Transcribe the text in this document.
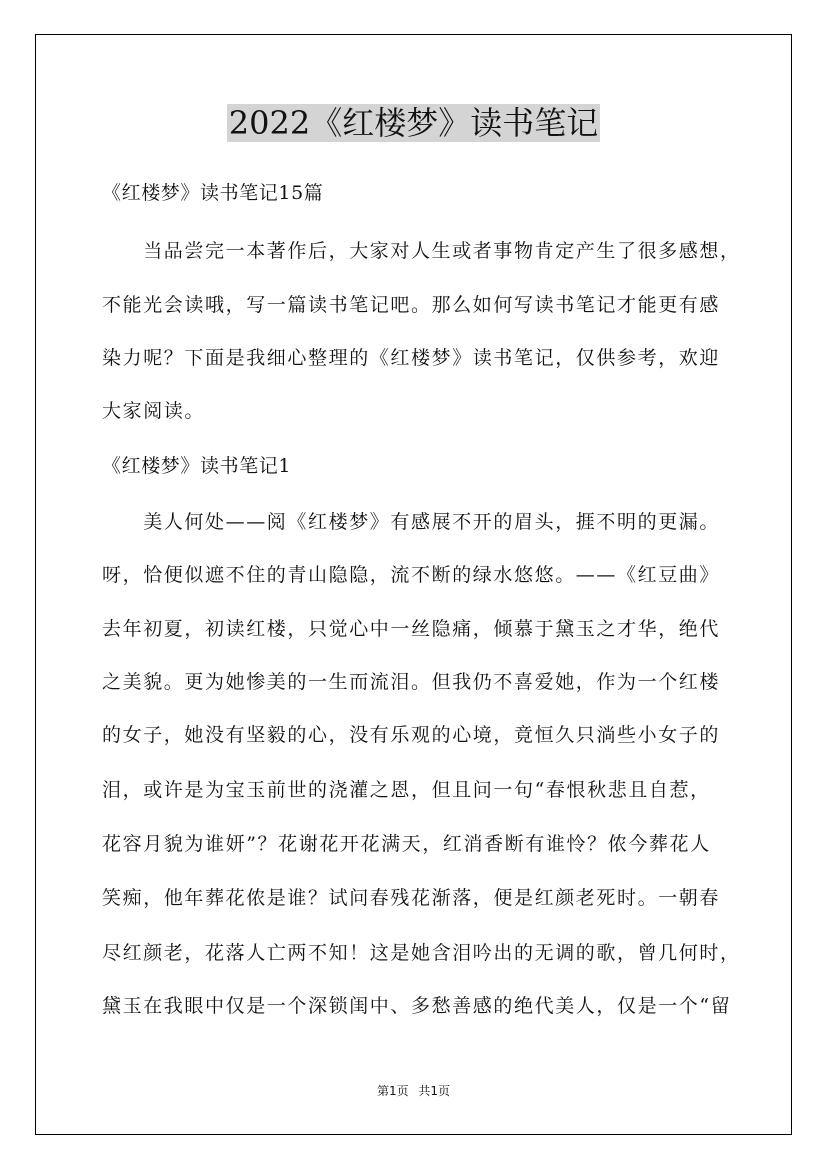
2022《红楼梦》读书笔记
《红楼梦》读书笔记15篇
　　当品尝完一本著作后，大家对人生或者事物肯定产生了很多感想，
不能光会读哦，写一篇读书笔记吧。那么如何写读书笔记才能更有感
染力呢？下面是我细心整理的《红楼梦》读书笔记，仅供参考，欢迎
大家阅读。
《红楼梦》读书笔记1
　　美人何处——阅《红楼梦》有感展不开的眉头，捱不明的更漏。
呀，恰便似遮不住的青山隐隐，流不断的绿水悠悠。——《红豆曲》
去年初夏，初读红楼，只觉心中一丝隐痛，倾慕于黛玉之才华，绝代
之美貌。更为她惨美的一生而流泪。但我仍不喜爱她，作为一个红楼
的女子，她没有坚毅的心，没有乐观的心境，竟恒久只淌些小女子的
泪，或许是为宝玉前世的浇灌之恩，但且问一句“春恨秋悲且自惹，
花容月貌为谁妍”？花谢花开花满天，红消香断有谁怜？侬今葬花人
笑痴，他年葬花侬是谁？试问春残花渐落，便是红颜老死时。一朝春
尽红颜老，花落人亡两不知！这是她含泪吟出的无调的歌，曾几何时，
黛玉在我眼中仅是一个深锁闺中、多愁善感的绝代美人，仅是一个“留
第1页 共1页
